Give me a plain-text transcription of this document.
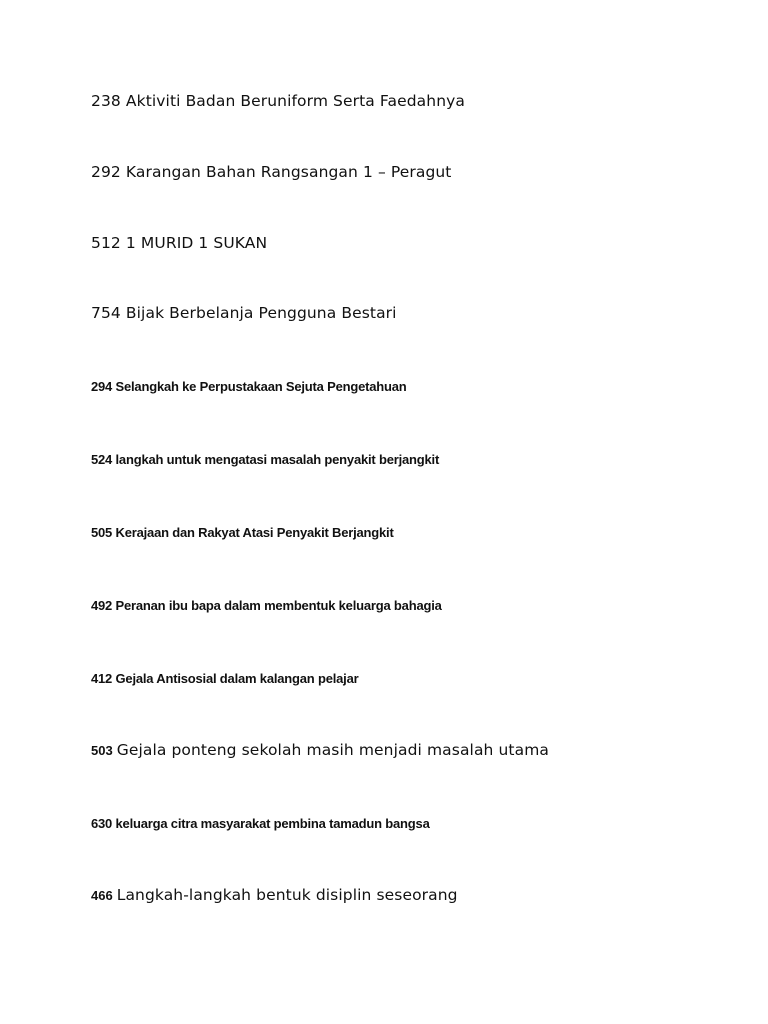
238 Aktiviti Badan Beruniform Serta Faedahnya
292 Karangan Bahan Rangsangan 1 – Peragut
512 1 MURID 1 SUKAN
754 Bijak Berbelanja Pengguna Bestari
294 Selangkah ke Perpustakaan Sejuta Pengetahuan
524 langkah untuk mengatasi masalah penyakit berjangkit
505 Kerajaan dan Rakyat Atasi Penyakit Berjangkit
492 Peranan ibu bapa dalam membentuk keluarga bahagia
412 Gejala Antisosial dalam kalangan pelajar
503 Gejala ponteng sekolah masih menjadi masalah utama
630 keluarga citra masyarakat pembina tamadun bangsa
466 Langkah-langkah bentuk disiplin seseorang
